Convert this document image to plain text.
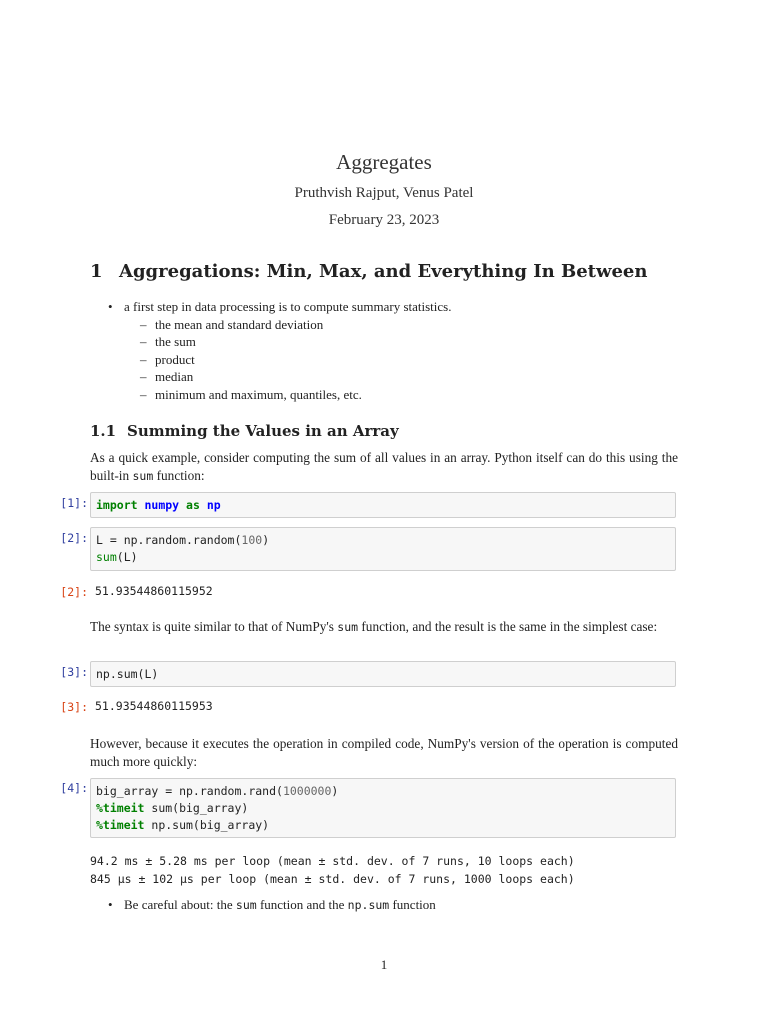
Aggregates
Pruthvish Rajput, Venus Patel
February 23, 2023
1 Aggregations: Min, Max, and Everything In Between
• a first step in data processing is to compute summary statistics.
– the mean and standard deviation
– the sum
– product
– median
– minimum and maximum, quantiles, etc.
1.1 Summing the Values in an Array
As a quick example, consider computing the sum of all values in an array. Python itself can do this using the built-in sum function:
[1]: import numpy as np
[2]: L = np.random.random(100)
sum(L)
[2]: 51.93544860115952
The syntax is quite similar to that of NumPy's sum function, and the result is the same in the simplest case:
[3]: np.sum(L)
[3]: 51.93544860115953
However, because it executes the operation in compiled code, NumPy's version of the operation is computed much more quickly:
[4]: big_array = np.random.rand(1000000)
%timeit sum(big_array)
%timeit np.sum(big_array)
94.2 ms ± 5.28 ms per loop (mean ± std. dev. of 7 runs, 10 loops each)
845 µs ± 102 µs per loop (mean ± std. dev. of 7 runs, 1000 loops each)
• Be careful about: the sum function and the np.sum function
1
